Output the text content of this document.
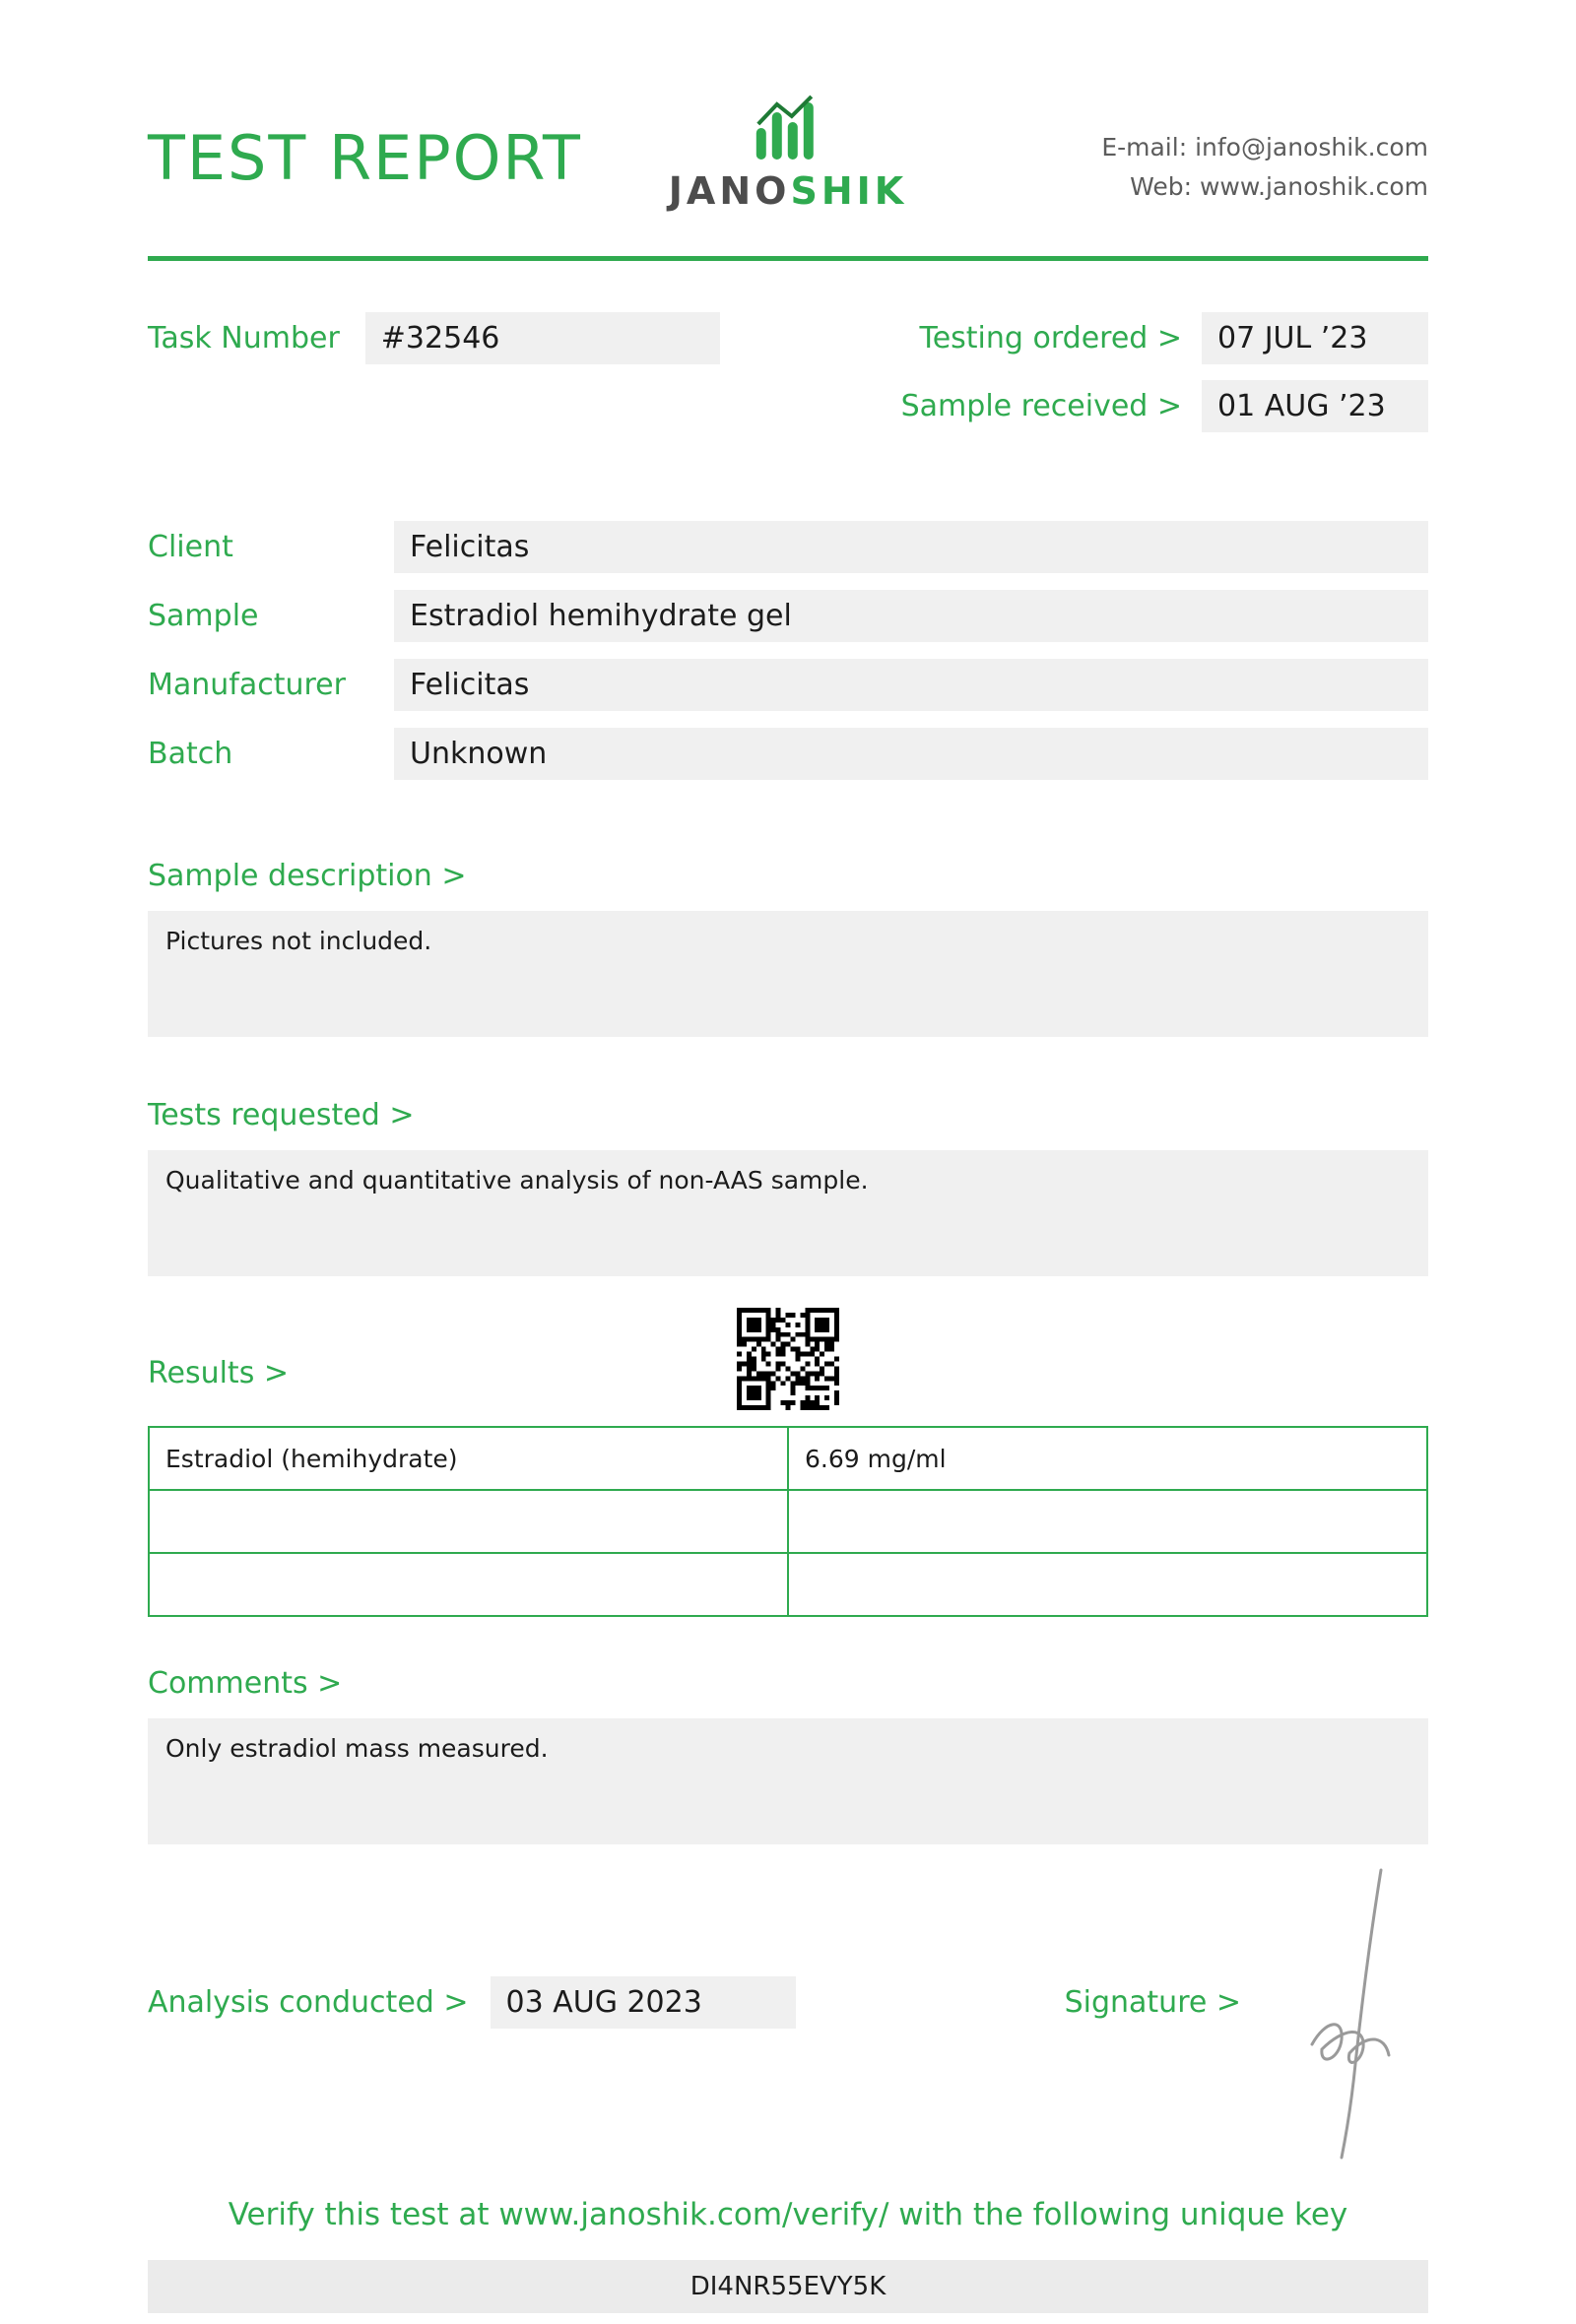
TEST REPORT JANOSHIK
E-mail: info@janoshik.com
Web: www.janoshik.com
Task Number	#32546	Testing ordered >	07 JUL ’23
Sample received >	01 AUG ’23
Client	Felicitas
Sample	Estradiol hemihydrate gel
Manufacturer	Felicitas
Batch	Unknown
Sample description >
Pictures not included.
Tests requested >
Qualitative and quantitative analysis of non-AAS sample.
Results >
Estradiol (hemihydrate)	6.69 mg/ml

Comments >
Only estradiol mass measured.
Analysis conducted >	03 AUG 2023	Signature >
Verify this test at www.janoshik.com/verify/ with the following unique key
DI4NR55EVY5K
